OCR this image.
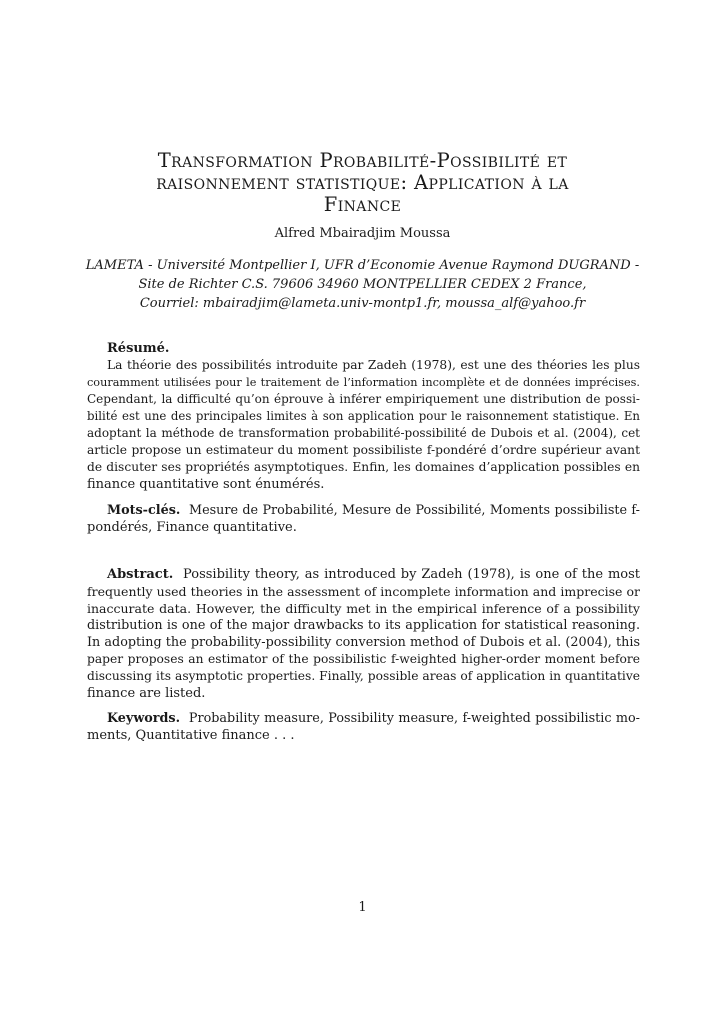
Transformation Probabilité-Possibilité et
raisonnement statistique: Application à la
Finance
Alfred Mbairadjim Moussa
LAMETA - Université Montpellier I, UFR d’Economie Avenue Raymond DUGRAND -
Site de Richter C.S. 79606 34960 MONTPELLIER CEDEX 2 France,
Courriel: mbairadjim@lameta.univ-montp1.fr, moussa_alf@yahoo.fr
Résumé.
La théorie des possibilités introduite par Zadeh (1978), est une des théories les plus
couramment utilisées pour le traitement de l’information incomplète et de données imprécises.
Cependant, la difficulté qu’on éprouve à inférer empiriquement une distribution de possi-
bilité est une des principales limites à son application pour le raisonnement statistique. En
adoptant la méthode de transformation probabilité-possibilité de Dubois et al. (2004), cet
article propose un estimateur du moment possibiliste f-pondéré d’ordre supérieur avant
de discuter ses propriétés asymptotiques. Enfin, les domaines d’application possibles en
finance quantitative sont énumérés.
Mots-clés. Mesure de Probabilité, Mesure de Possibilité, Moments possibiliste f-
pondérés, Finance quantitative.
Abstract. Possibility theory, as introduced by Zadeh (1978), is one of the most
frequently used theories in the assessment of incomplete information and imprecise or
inaccurate data. However, the difficulty met in the empirical inference of a possibility
distribution is one of the major drawbacks to its application for statistical reasoning.
In adopting the probability-possibility conversion method of Dubois et al. (2004), this
paper proposes an estimator of the possibilistic f-weighted higher-order moment before
discussing its asymptotic properties. Finally, possible areas of application in quantitative
finance are listed.
Keywords. Probability measure, Possibility measure, f-weighted possibilistic mo-
ments, Quantitative finance . . .
1
